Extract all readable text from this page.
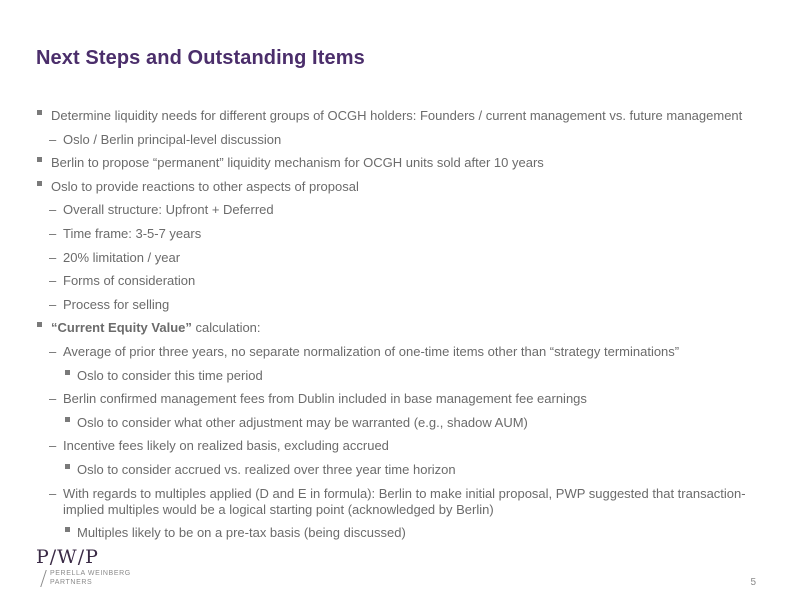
Next Steps and Outstanding Items
Determine liquidity needs for different groups of OCGH holders: Founders / current management vs. future management
– Oslo / Berlin principal-level discussion
Berlin to propose “permanent” liquidity mechanism for OCGH units sold after 10 years
Oslo to provide reactions to other aspects of proposal
– Overall structure: Upfront + Deferred
– Time frame: 3-5-7 years
– 20% limitation / year
– Forms of consideration
– Process for selling
“Current Equity Value” calculation:
– Average of prior three years, no separate normalization of one-time items other than “strategy terminations”
Oslo to consider this time period
– Berlin confirmed management fees from Dublin included in base management fee earnings
Oslo to consider what other adjustment may be warranted (e.g., shadow AUM)
– Incentive fees likely on realized basis, excluding accrued
Oslo to consider accrued vs. realized over three year time horizon
– With regards to multiples applied (D and E in formula): Berlin to make initial proposal, PWP suggested that transaction-implied multiples would be a logical starting point (acknowledged by Berlin)
Multiples likely to be on a pre-tax basis (being discussed)
P/W/P
PERELLA WEINBERG
PARTNERS	5
